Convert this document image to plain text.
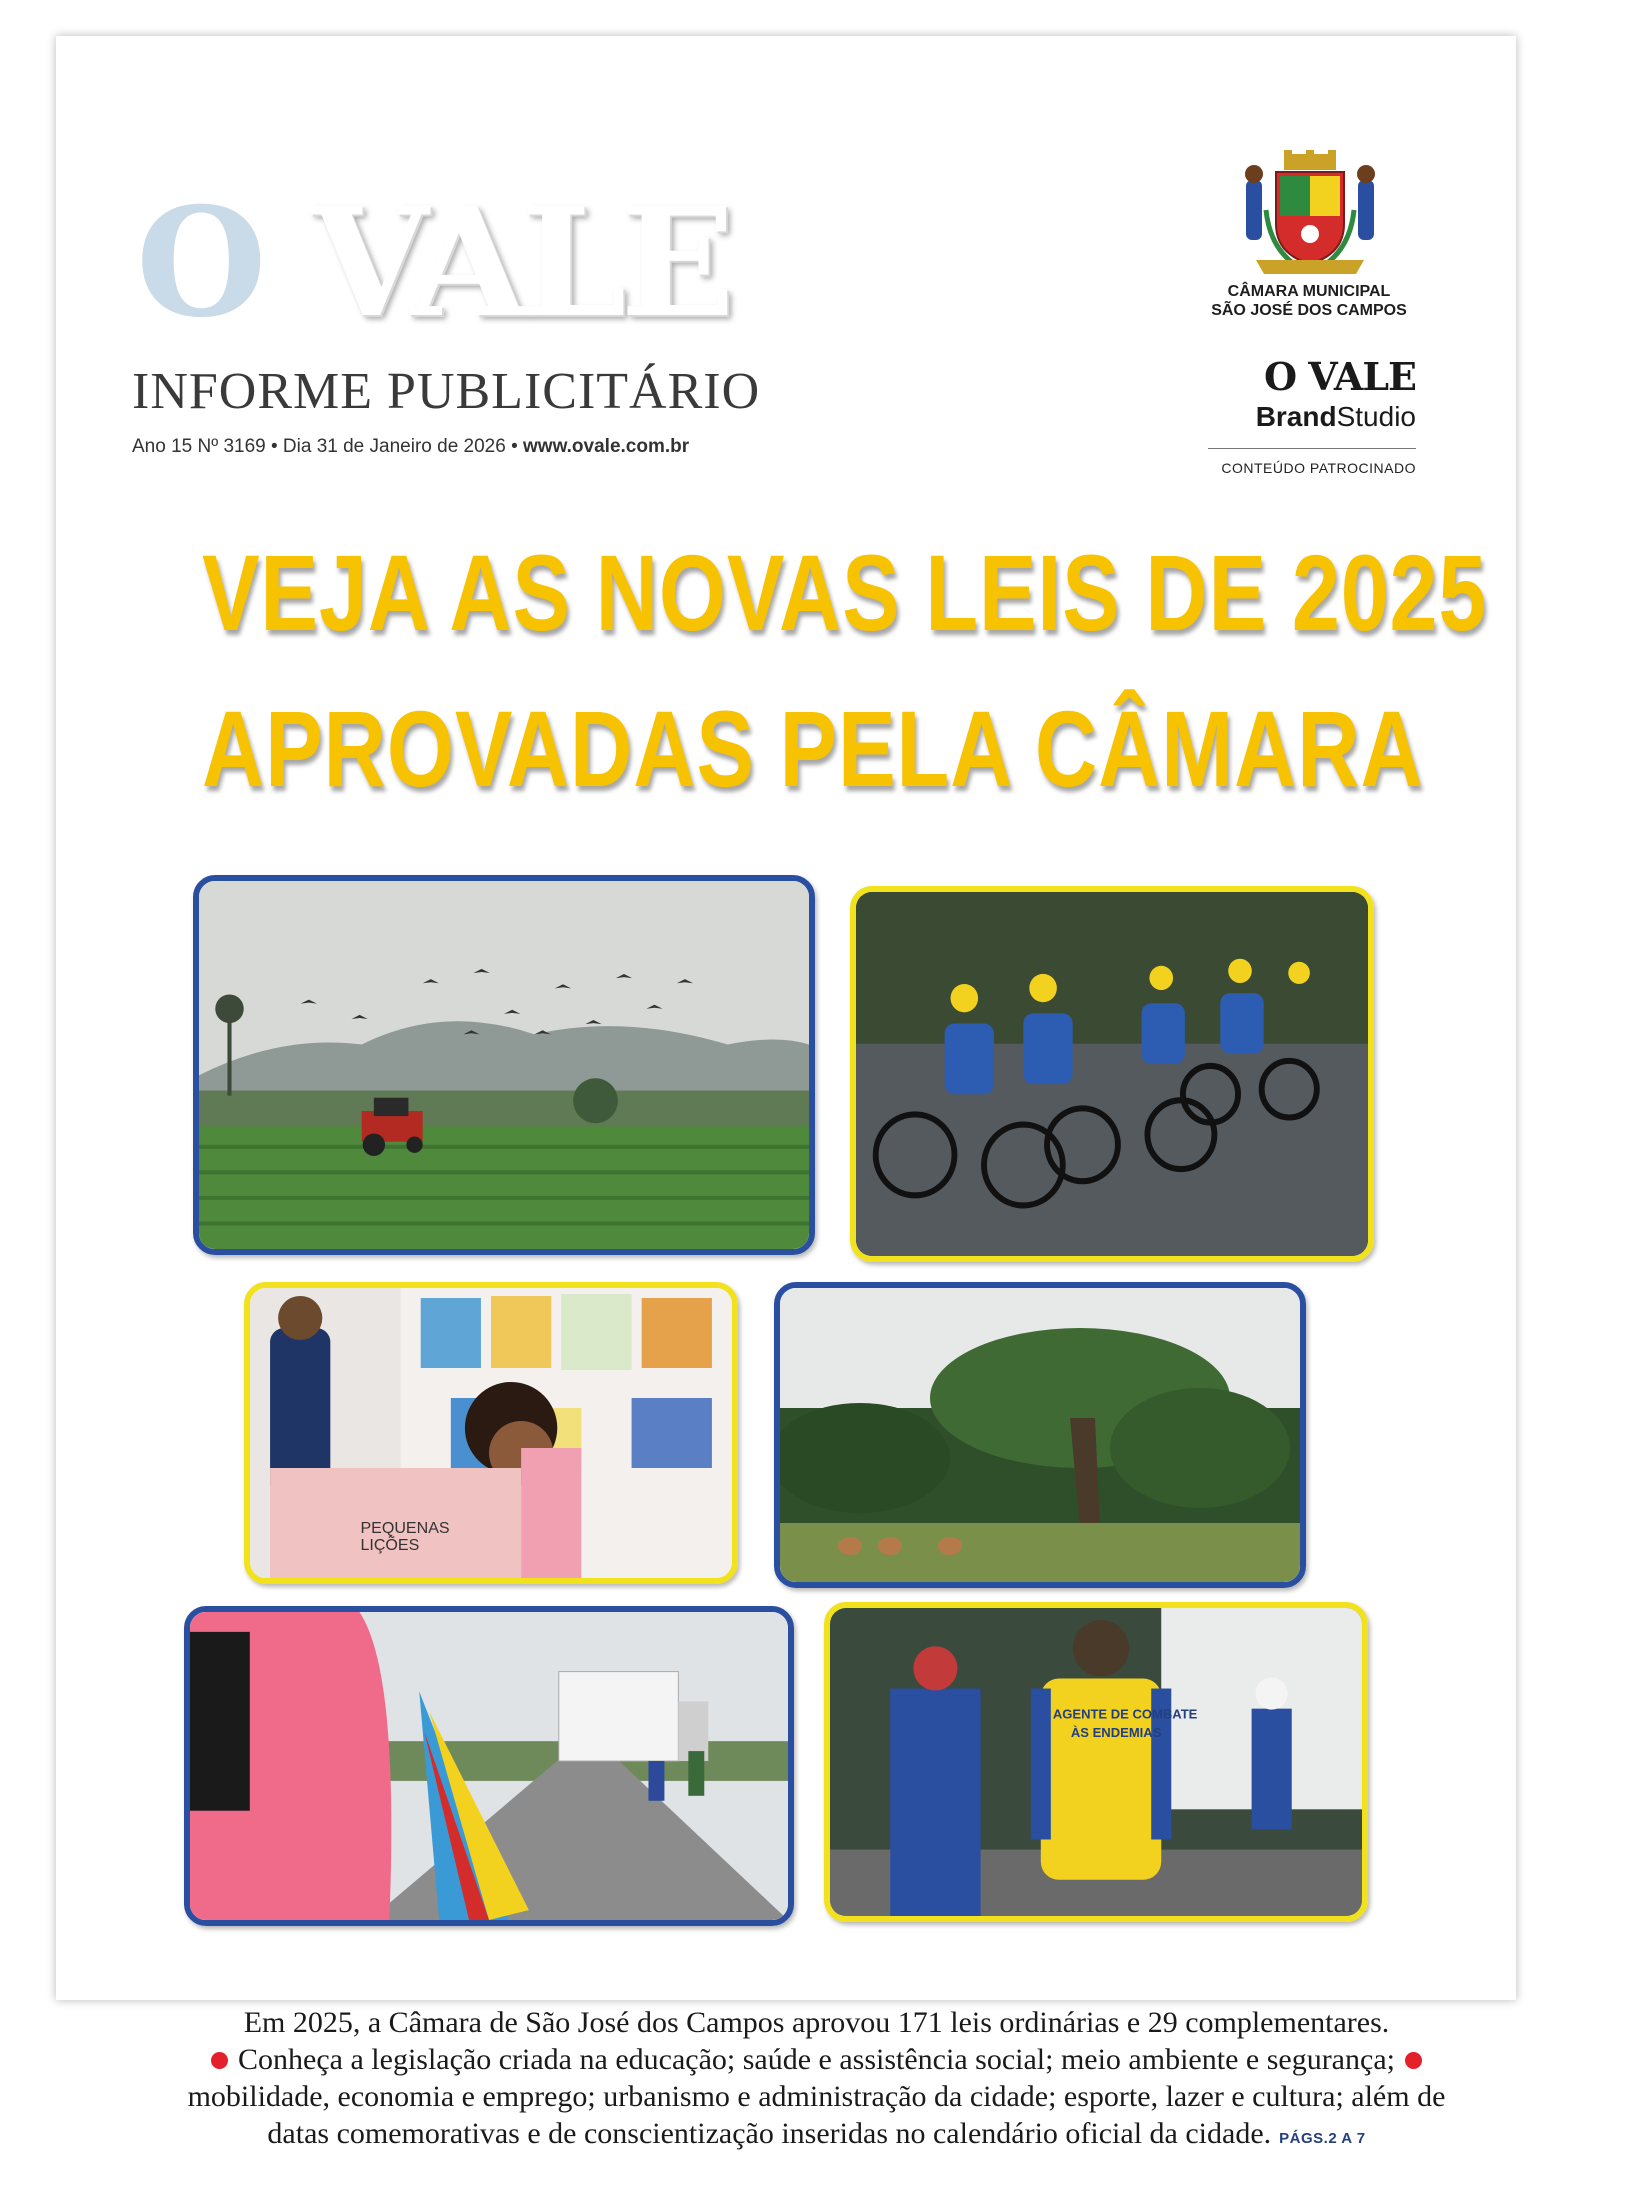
O VALE
INFORME PUBLICITÁRIO
Ano 15 Nº 3169 • Dia 31 de Janeiro de 2026 • www.ovale.com.br
CÂMARA MUNICIPAL
SÃO JOSÉ DOS CAMPOS
O VALE
BrandStudio
CONTEÚDO PATROCINADO
VEJA AS NOVAS LEIS DE 2025
APROVADAS PELA CÂMARA
PEQUENAS
LIÇÕES
AGENTE DE COMBATE
ÀS ENDEMIAS
Em 2025, a Câmara de São José dos Campos aprovou 171 leis ordinárias e 29 complementares.
Conheça a legislação criada na educação; saúde e assistência social; meio ambiente e segurança;
mobilidade, economia e emprego; urbanismo e administração da cidade; esporte, lazer e cultura; além de
datas comemorativas e de conscientização inseridas no calendário oficial da cidade. PÁGS.2 A 7
